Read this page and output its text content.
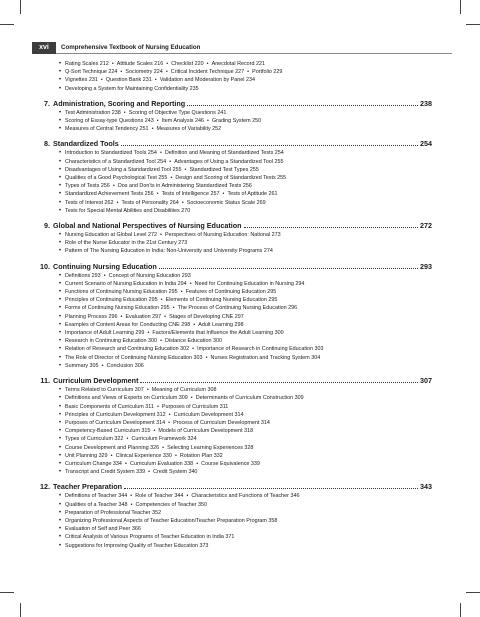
xvi	Comprehensive Textbook of Nursing Education
• Rating Scales 212 • Attitude Scales 216 • Checklist 220 • Anecdotal Record 221
• Q-Sort Technique 224 • Sociometry 224 • Critical Incident Technique 227 • Portfolio 229
• Vignettes 231 • Question Bank 231 • Validation and Moderation by Panel 234
• Developing a System for Maintaining Confidentiality 235
7. Administration, Scoring and Reporting	238
• Test Administration 238 • Scoring of Objective Type Questions 241
• Scoring of Essay-type Questions 243 • Item Analysis 246 • Grading System 250
• Measures of Central Tendency 251 • Measures of Variability 252
8. Standardized Tools	254
• Introduction to Standardized Tools 254 • Definition and Meaning of Standardized Tests 254
• Characteristics of a Standardized Tool 254 • Advantages of Using a Standardized Tool 255
• Disadvantages of Using a Standardized Tool 255 • Standardized Test Types 255
• Qualities of a Good Psychological Test 255 • Design and Scoring of Standardized Tests 255
• Types of Tests 256 • Dos and Don'ts in Administering Standardized Tests 256
• Standardized Achievement Tests 256 • Tests of Intelligence 257 • Tests of Aptitude 261
• Tests of Interest 262 • Tests of Personality 264 • Socioeconomic Status Scale 269
• Tests for Special Mental Abilities and Disabilities 270
9. Global and National Perspectives of Nursing Education	272
• Nursing Education at Global Level 272 • Perspectives of Nursing Education: National 273
• Role of the Nurse Educator in the 21st Century 273
• Pattern of The Nursing Education in India: Non-University and University Programs 274
10. Continuing Nursing Education	293
• Definitions 293 • Concept of Nursing Education 293
• Current Scenario of Nursing Education in India 294 • Need for Continuing Education in Nursing 294
• Functions of Continuing Nursing Education 295 • Features of Continuing Education 295
• Principles of Continuing Education 295 • Elements of Continuing Nursing Education 295
• Forms of Continuing Nursing Education 295 • The Process of Continuing Nursing Education 296
• Planning Process 296 • Evaluation 297 • Stages of Developing CNE 297
• Examples of Content Areas for Conducting CNE 298 • Adult Learning 298
• Importance of Adult Learning 299 • Factors/Elements that Influence the Adult Learning 300
• Research in Continuing Education 300 • Distance Education 300
• Relation of Research and Continuing Education 302 • Importance of Research in Continuing Education 303
• The Role of Director of Continuing Nursing Education 303 • Nurses Registration and Tracking System 304
• Summary 305 • Conclusion 306
11. Curriculum Development	307
• Terms Related to Curriculum 307 • Meaning of Curriculum 308
• Definitions and Views of Experts on Curriculum 309 • Determinants of Curriculum Construction 309
• Basic Components of Curriculum 311 • Purposes of Curriculum 311
• Principles of Curriculum Development 312 • Curriculum Development 314
• Purposes of Curriculum Development 314 • Process of Curriculum Development 314
• Competency-Based Curriculum 315 • Models of Curriculum Development 318
• Types of Curriculum 322 • Curriculum Framework 324
• Course Development and Planning 326 • Selecting Learning Experiences 328
• Unit Planning 329 • Clinical Experience 330 • Rotation Plan 332
• Curriculum Change 334 • Curriculum Evaluation 338 • Course Equivalence 339
• Transcript and Credit System 339 • Credit System 340
12. Teacher Preparation	343
• Definitions of Teacher 344 • Role of Teacher 344 • Characteristics and Functions of Teacher 346
• Qualities of a Teacher 348 • Competencies of Teacher 350
• Preparation of Professional Teacher 352
• Organizing Professional Aspects of Teacher Education/Teacher Preparation Program 358
• Evaluation of Self and Peer 366
• Critical Analysis of Various Programs of Teacher Education in India 371
• Suggestions for Improving Quality of Teacher Education 373
